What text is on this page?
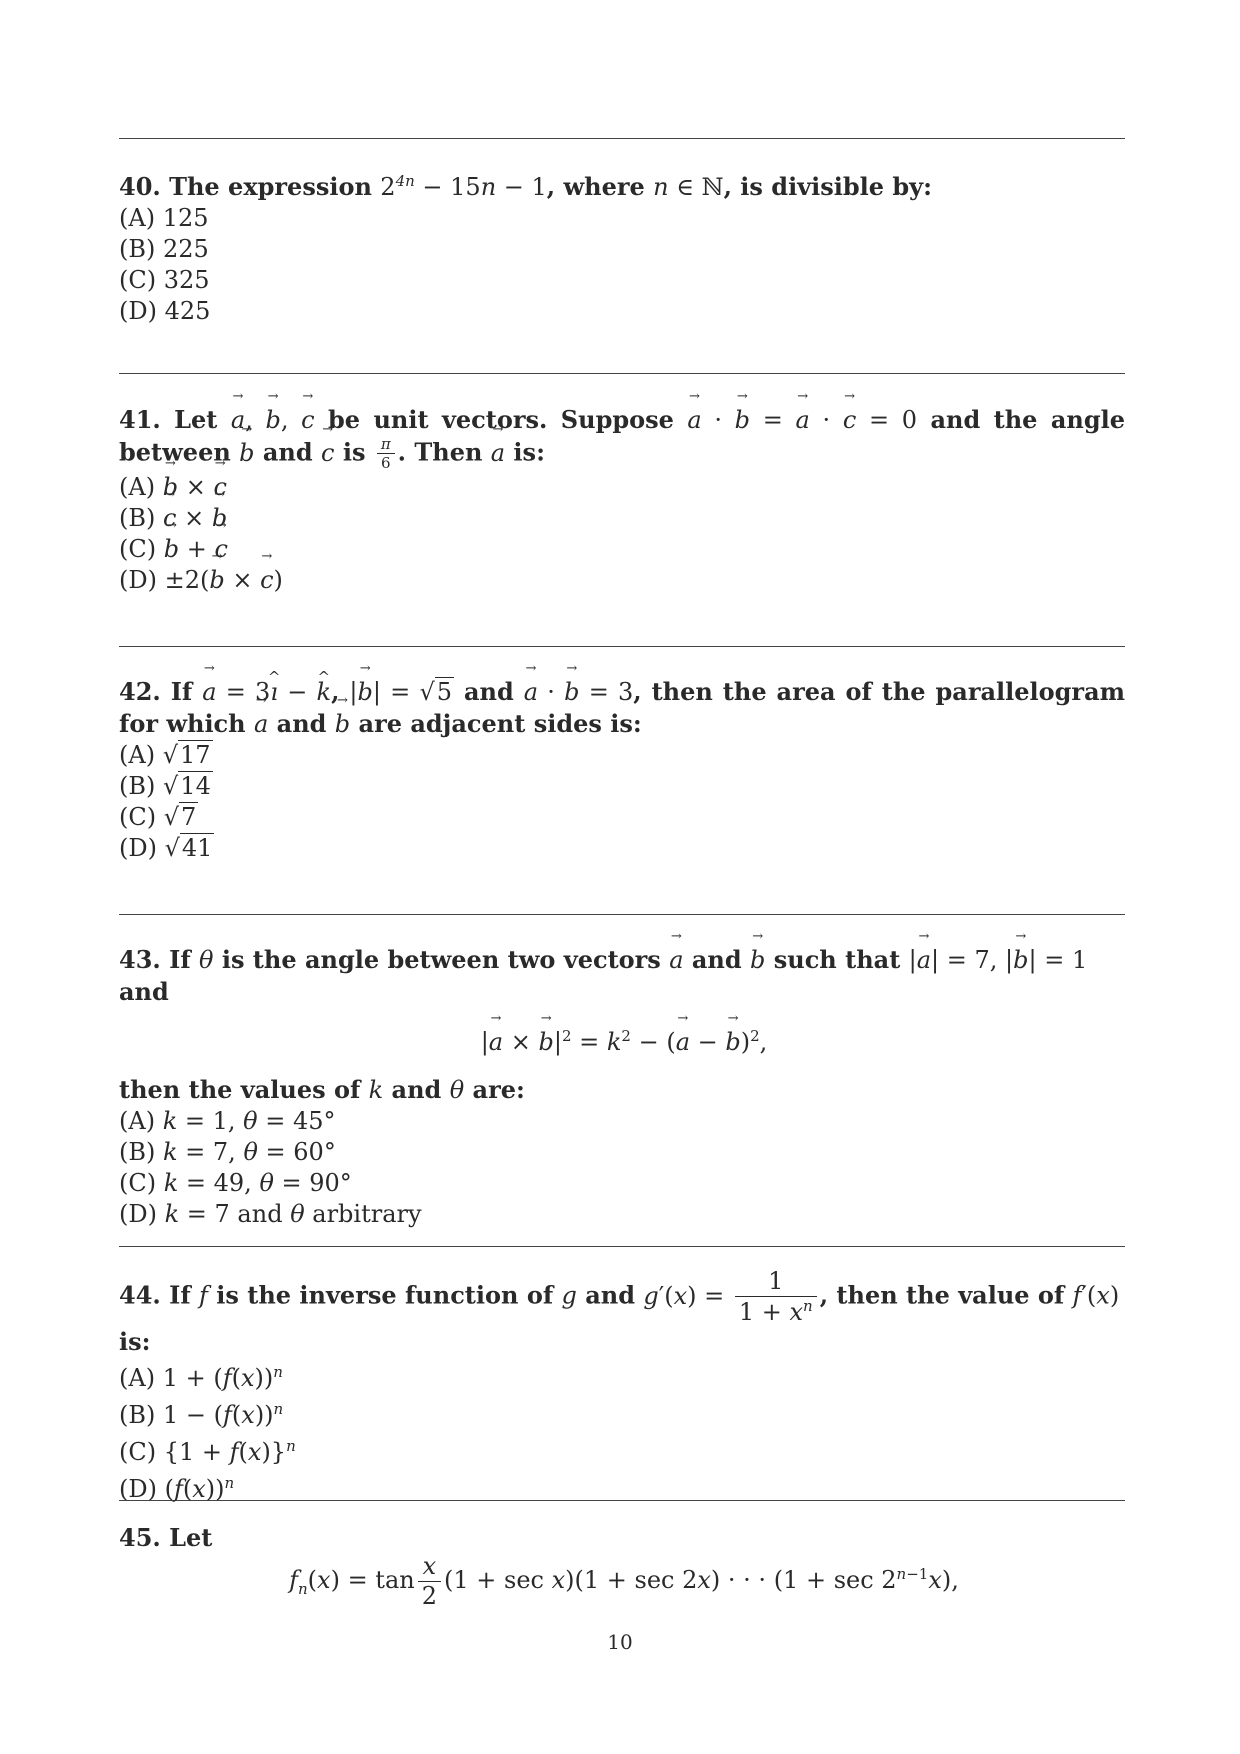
40. The expression $2^{4n} - 15n - 1$, where n ∈ ℕ, is divisible by:
(A) 125
(B) 225
(C) 325
(D) 425
41. Let → a, → b, → c be unit vectors. Suppose → a · → b = → a · → c = 0 and the angle between → b and → c is $\frac{\pi}{6}$ . Then → a is:
(A) → b × → c
(B) → c × → b
(C) → b + → c
(D) ±2(→ b × → c)
42. If → a = 3^ ı − ^ k, |→ b| = √5 and → a · → b = 3, then the area of the parallelogram for which → a and → b are adjacent sides is:
(A) √17
(B) √14
(C) √7
(D) √41
43. If θ is the angle between two vectors → a and → b such that |→ a| = 7, |→ b| = 1 and
|→ a × → $b|^2 = k^2$ − (→ a − → b)$^2$,
then the values of k and θ are:
(A) k = 1, θ = 45°
(B) k = 7, θ = 60°
(C) k = 49, θ = 90°
(D) k = 7 and θ arbitrary
44. If f is the inverse function of g and $g'(x) = \frac{1}{1 + x^n}$ , then the value of f′(x) is:
(A) $1 + (f(x))^n$
(B) $1 - (f(x))^n$
(C) $\{1 + f(x)\}^n$
(D) $(f(x))^n$
45. Let
$f_n(x) = \tan \frac{x}{2} (1 + \sec x)(1 + \sec 2x)$ · · · $(1 + \sec 2^{n-1}x)$,
10
